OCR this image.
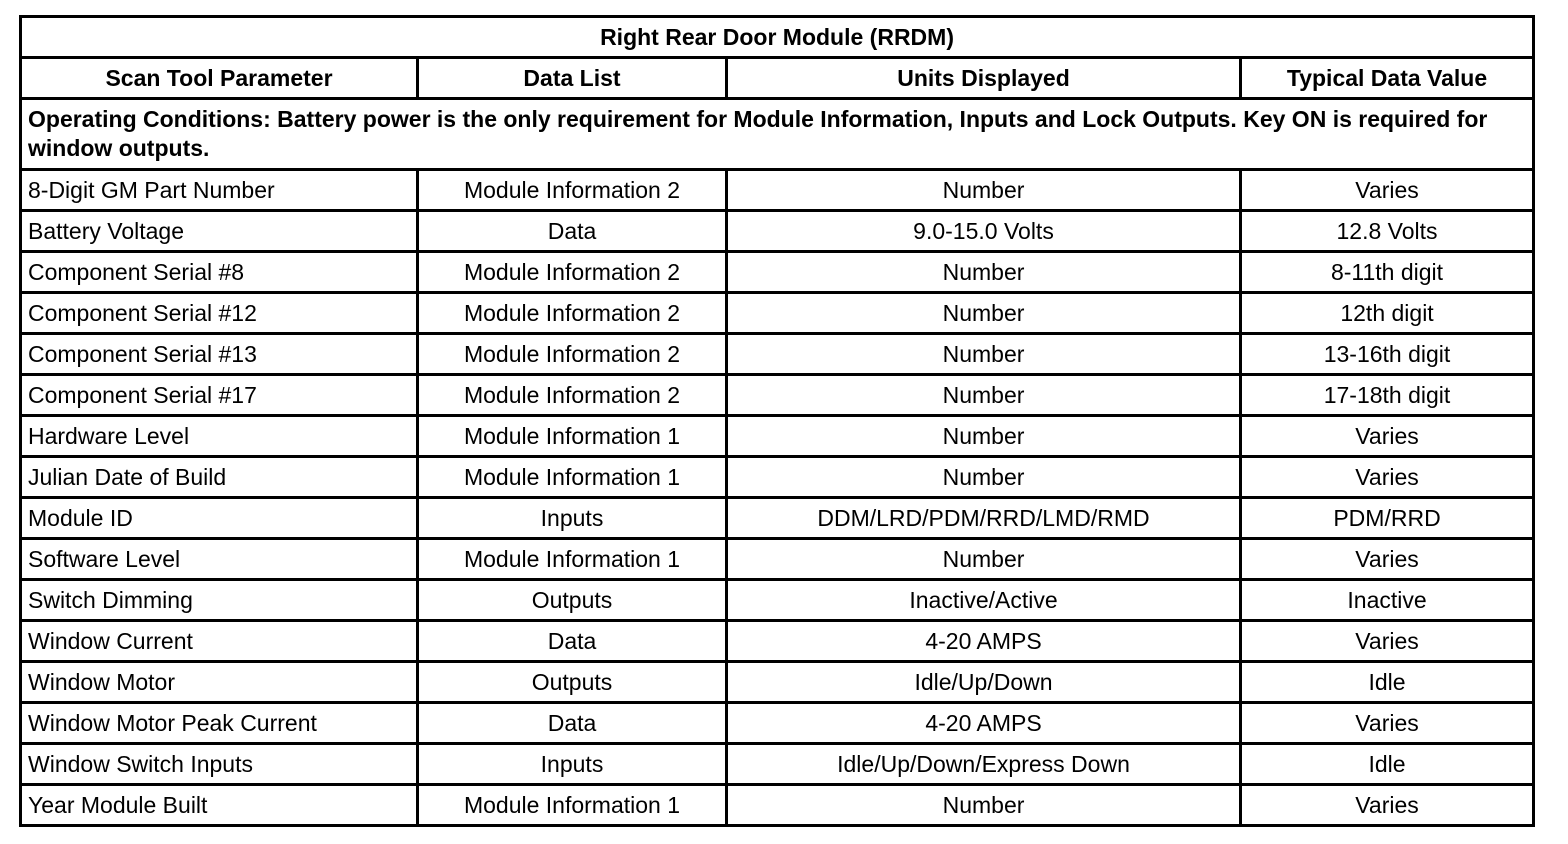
Right Rear Door Module (RRDM)			
Scan Tool Parameter	Data List	Units Displayed	Typical Data Value
Operating Conditions: Battery power is the only requirement for Module Information, Inputs and Lock Outputs. Key ON is required for window outputs.			
8-Digit GM Part Number	Module Information 2	Number	Varies
Battery Voltage	Data	9.0-15.0 Volts	12.8 Volts
Component Serial #8	Module Information 2	Number	8-11th digit
Component Serial #12	Module Information 2	Number	12th digit
Component Serial #13	Module Information 2	Number	13-16th digit
Component Serial #17	Module Information 2	Number	17-18th digit
Hardware Level	Module Information 1	Number	Varies
Julian Date of Build	Module Information 1	Number	Varies
Module ID	Inputs	DDM/LRD/PDM/RRD/LMD/RMD	PDM/RRD
Software Level	Module Information 1	Number	Varies
Switch Dimming	Outputs	Inactive/Active	Inactive
Window Current	Data	4-20 AMPS	Varies
Window Motor	Outputs	Idle/Up/Down	Idle
Window Motor Peak Current	Data	4-20 AMPS	Varies
Window Switch Inputs	Inputs	Idle/Up/Down/Express Down	Idle
Year Module Built	Module Information 1	Number	Varies
